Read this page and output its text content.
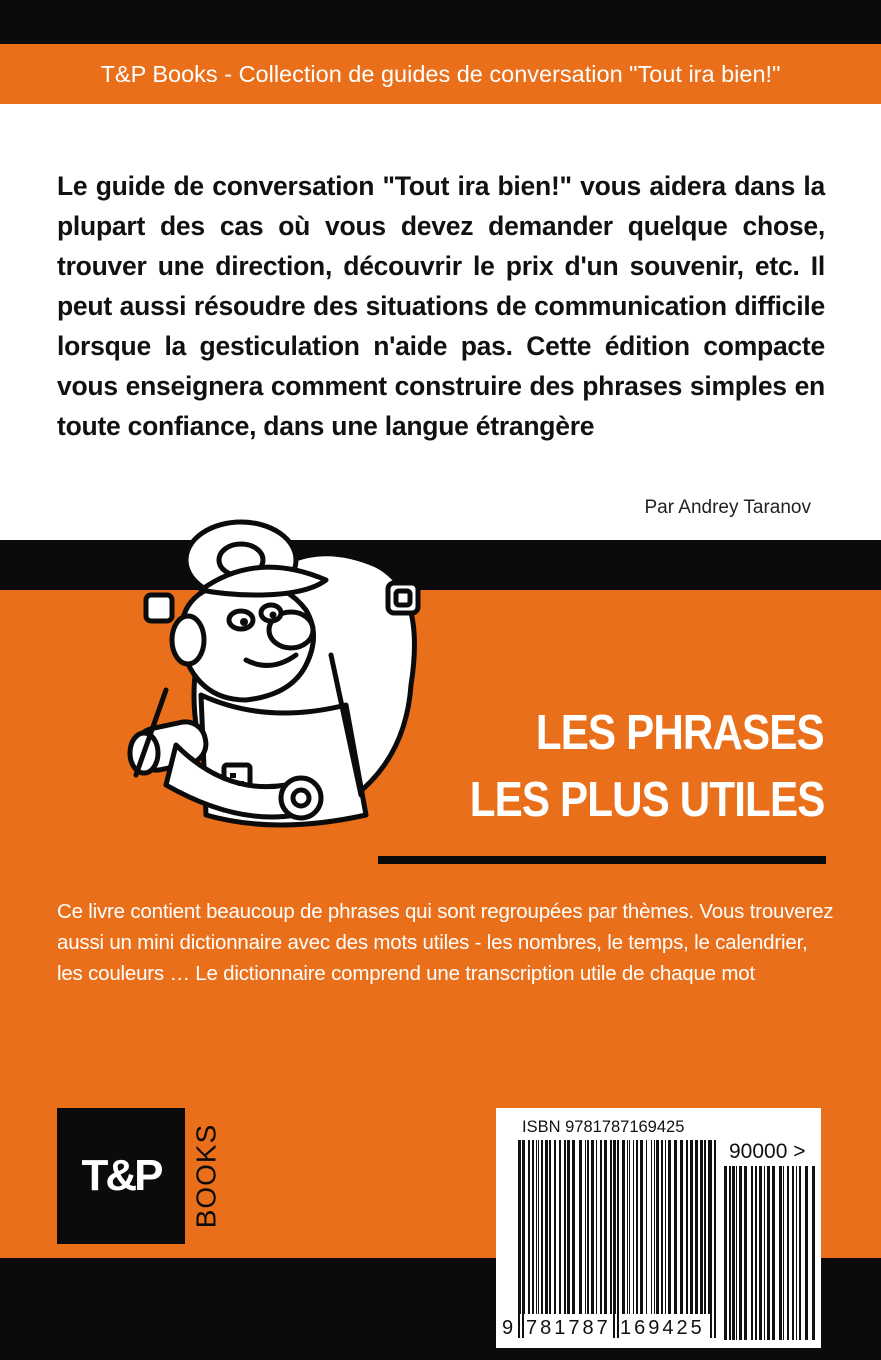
T&P Books - Collection de guides de conversation "Tout ira bien!"

Le guide de conversation "Tout ira bien!" vous aidera dans la plupart des cas où vous devez demander quelque chose, trouver une direction, découvrir le prix d'un souvenir, etc. Il peut aussi résoudre des situations de communication difficile lorsque la gesticulation n'aide pas. Cette édition compacte vous enseignera comment construire des phrases simples en toute confiance, dans une langue étrangère

Par Andrey Taranov
LES PHRASES
LES PLUS UTILES

Ce livre contient beaucoup de phrases qui sont regroupées par thèmes. Vous trouverez aussi un mini dictionnaire avec des mots utiles - les nombres, le temps, le calendrier, les couleurs … Le dictionnaire comprend une transcription utile de chaque mot

T&P BOOKS	ISBN 9781787169425
90000 >
9 781787 169425
